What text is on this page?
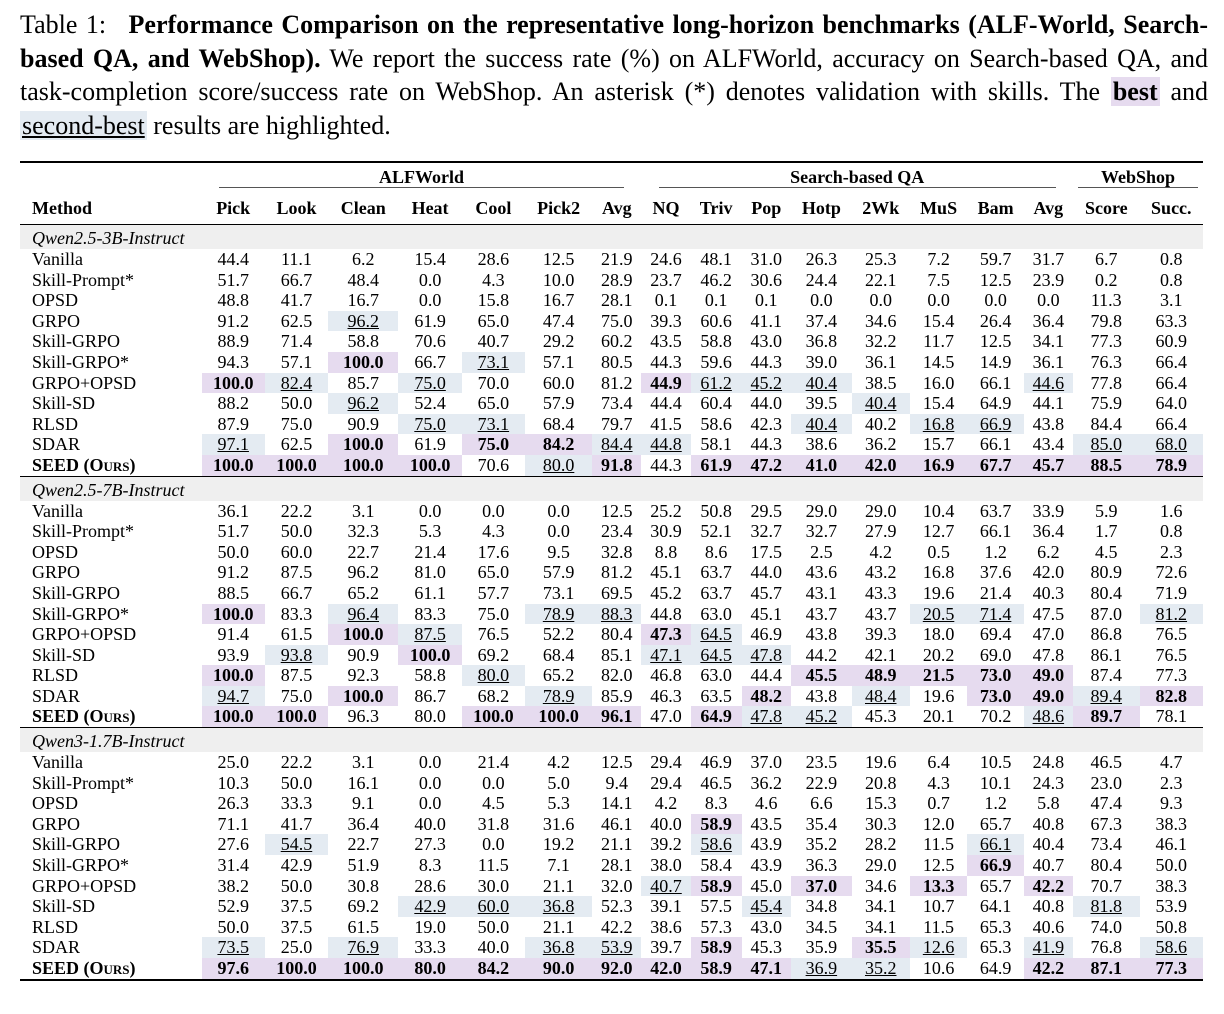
Table 1: Performance Comparison on the representative long-horizon benchmarks (ALF-World, Search-based QA, and WebShop). We report the success rate (%) on ALFWorld, accuracy on Search-based QA, and task-completion score/success rate on WebShop. An asterisk (*) denotes validation with skills. The best and second-best results are highlighted.
	ALFWorld							Search-based QA								WebShop	
Method	Pick	Look	Clean	Heat	Cool	Pick2	Avg	NQ	Triv	Pop	Hotp	2Wk	MuS	Bam	Avg	Score	Succ.
Qwen2.5-3B-Instruct																	
Vanilla	44.4	11.1	6.2	15.4	28.6	12.5	21.9	24.6	48.1	31.0	26.3	25.3	7.2	59.7	31.7	6.7	0.8
Skill-Prompt*	51.7	66.7	48.4	0.0	4.3	10.0	28.9	23.7	46.2	30.6	24.4	22.1	7.5	12.5	23.9	0.2	0.8
OPSD	48.8	41.7	16.7	0.0	15.8	16.7	28.1	0.1	0.1	0.1	0.0	0.0	0.0	0.0	0.0	11.3	3.1
GRPO	91.2	62.5	96.2	61.9	65.0	47.4	75.0	39.3	60.6	41.1	37.4	34.6	15.4	26.4	36.4	79.8	63.3
Skill-GRPO	88.9	71.4	58.8	70.6	40.7	29.2	60.2	43.5	58.8	43.0	36.8	32.2	11.7	12.5	34.1	77.3	60.9
Skill-GRPO*	94.3	57.1	100.0	66.7	73.1	57.1	80.5	44.3	59.6	44.3	39.0	36.1	14.5	14.9	36.1	76.3	66.4
GRPO+OPSD	100.0	82.4	85.7	75.0	70.0	60.0	81.2	44.9	61.2	45.2	40.4	38.5	16.0	66.1	44.6	77.8	66.4
Skill-SD	88.2	50.0	96.2	52.4	65.0	57.9	73.4	44.4	60.4	44.0	39.5	40.4	15.4	64.9	44.1	75.9	64.0
RLSD	87.9	75.0	90.9	75.0	73.1	68.4	79.7	41.5	58.6	42.3	40.4	40.2	16.8	66.9	43.8	84.4	66.4
SDAR	97.1	62.5	100.0	61.9	75.0	84.2	84.4	44.8	58.1	44.3	38.6	36.2	15.7	66.1	43.4	85.0	68.0
SEED (Ours)	100.0	100.0	100.0	100.0	70.6	80.0	91.8	44.3	61.9	47.2	41.0	42.0	16.9	67.7	45.7	88.5	78.9
Qwen2.5-7B-Instruct																	
Vanilla	36.1	22.2	3.1	0.0	0.0	0.0	12.5	25.2	50.8	29.5	29.0	29.0	10.4	63.7	33.9	5.9	1.6
Skill-Prompt*	51.7	50.0	32.3	5.3	4.3	0.0	23.4	30.9	52.1	32.7	32.7	27.9	12.7	66.1	36.4	1.7	0.8
OPSD	50.0	60.0	22.7	21.4	17.6	9.5	32.8	8.8	8.6	17.5	2.5	4.2	0.5	1.2	6.2	4.5	2.3
GRPO	91.2	87.5	96.2	81.0	65.0	57.9	81.2	45.1	63.7	44.0	43.6	43.2	16.8	37.6	42.0	80.9	72.6
Skill-GRPO	88.5	66.7	65.2	61.1	57.7	73.1	69.5	45.2	63.7	45.7	43.1	43.3	19.6	21.4	40.3	80.4	71.9
Skill-GRPO*	100.0	83.3	96.4	83.3	75.0	78.9	88.3	44.8	63.0	45.1	43.7	43.7	20.5	71.4	47.5	87.0	81.2
GRPO+OPSD	91.4	61.5	100.0	87.5	76.5	52.2	80.4	47.3	64.5	46.9	43.8	39.3	18.0	69.4	47.0	86.8	76.5
Skill-SD	93.9	93.8	90.9	100.0	69.2	68.4	85.1	47.1	64.5	47.8	44.2	42.1	20.2	69.0	47.8	86.1	76.5
RLSD	100.0	87.5	92.3	58.8	80.0	65.2	82.0	46.8	63.0	44.4	45.5	48.9	21.5	73.0	49.0	87.4	77.3
SDAR	94.7	75.0	100.0	86.7	68.2	78.9	85.9	46.3	63.5	48.2	43.8	48.4	19.6	73.0	49.0	89.4	82.8
SEED (Ours)	100.0	100.0	96.3	80.0	100.0	100.0	96.1	47.0	64.9	47.8	45.2	45.3	20.1	70.2	48.6	89.7	78.1
Qwen3-1.7B-Instruct																	
Vanilla	25.0	22.2	3.1	0.0	21.4	4.2	12.5	29.4	46.9	37.0	23.5	19.6	6.4	10.5	24.8	46.5	4.7
Skill-Prompt*	10.3	50.0	16.1	0.0	0.0	5.0	9.4	29.4	46.5	36.2	22.9	20.8	4.3	10.1	24.3	23.0	2.3
OPSD	26.3	33.3	9.1	0.0	4.5	5.3	14.1	4.2	8.3	4.6	6.6	15.3	0.7	1.2	5.8	47.4	9.3
GRPO	71.1	41.7	36.4	40.0	31.8	31.6	46.1	40.0	58.9	43.5	35.4	30.3	12.0	65.7	40.8	67.3	38.3
Skill-GRPO	27.6	54.5	22.7	27.3	0.0	19.2	21.1	39.2	58.6	43.9	35.2	28.2	11.5	66.1	40.4	73.4	46.1
Skill-GRPO*	31.4	42.9	51.9	8.3	11.5	7.1	28.1	38.0	58.4	43.9	36.3	29.0	12.5	66.9	40.7	80.4	50.0
GRPO+OPSD	38.2	50.0	30.8	28.6	30.0	21.1	32.0	40.7	58.9	45.0	37.0	34.6	13.3	65.7	42.2	70.7	38.3
Skill-SD	52.9	37.5	69.2	42.9	60.0	36.8	52.3	39.1	57.5	45.4	34.8	34.1	10.7	64.1	40.8	81.8	53.9
RLSD	50.0	37.5	61.5	19.0	50.0	21.1	42.2	38.6	57.3	43.0	34.5	34.1	11.5	65.3	40.6	74.0	50.8
SDAR	73.5	25.0	76.9	33.3	40.0	36.8	53.9	39.7	58.9	45.3	35.9	35.5	12.6	65.3	41.9	76.8	58.6
SEED (Ours)	97.6	100.0	100.0	80.0	84.2	90.0	92.0	42.0	58.9	47.1	36.9	35.2	10.6	64.9	42.2	87.1	77.3
